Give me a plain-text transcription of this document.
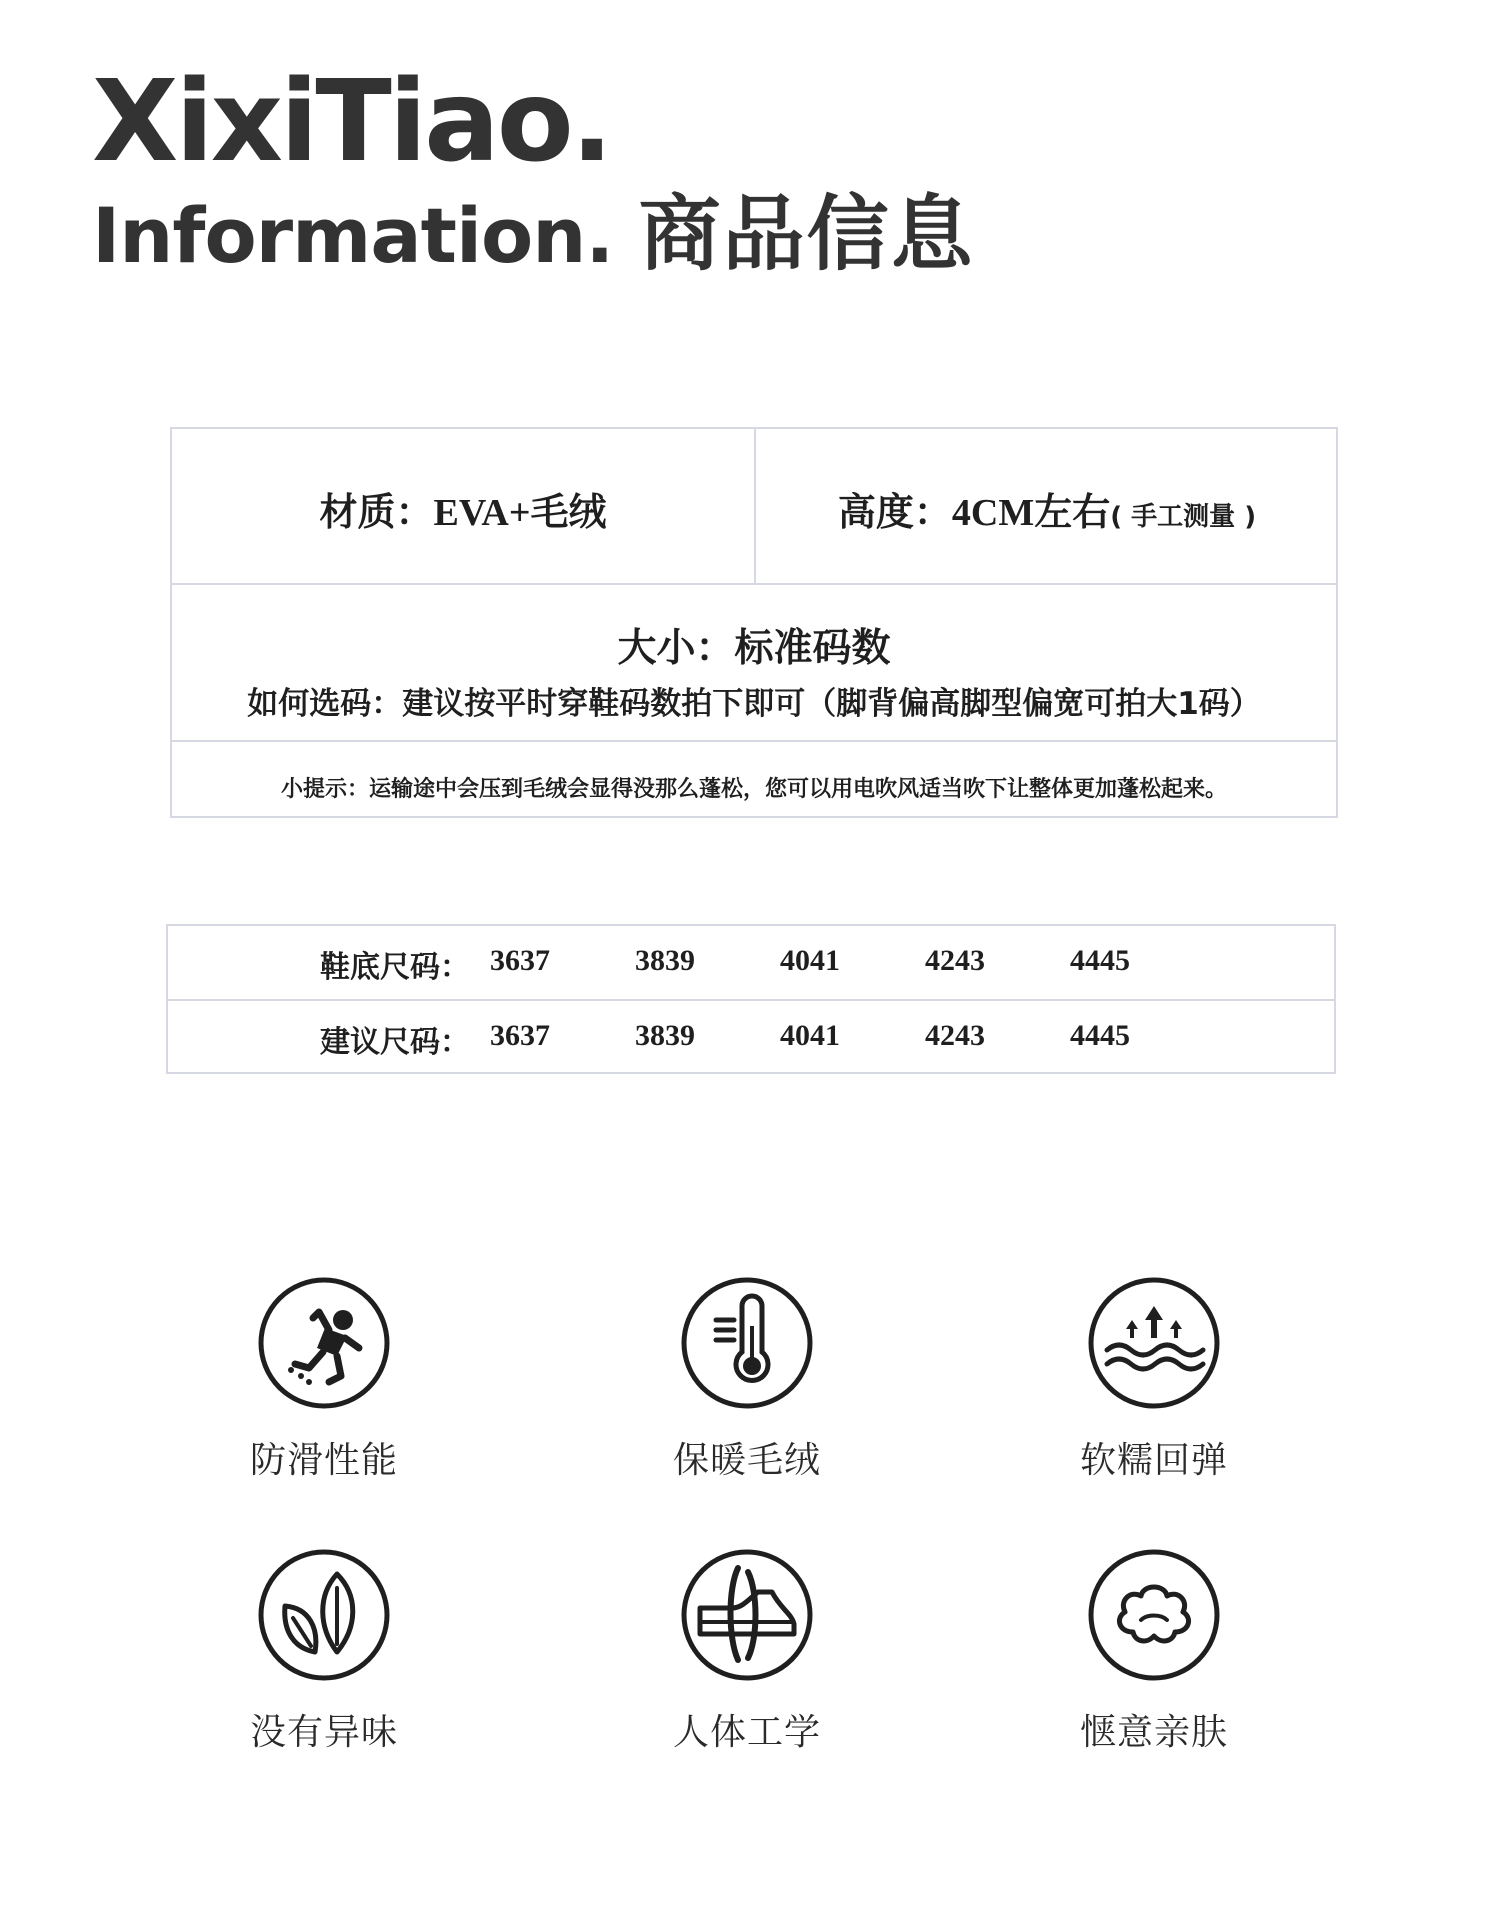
XixiTiao.
Information. 商品信息
材质：EVA+毛绒	高度：4CM左右( 手工测量 )
大小：标准码数
如何选码：建议按平时穿鞋码数拍下即可（脚背偏高脚型偏宽可拍大1码）
小提示：运输途中会压到毛绒会显得没那么蓬松，您可以用电吹风适当吹下让整体更加蓬松起来。
鞋底尺码： 3637	3839	4041	4243	4445
建议尺码： 3637	3839	4041	4243	4445
防滑性能	保暖毛绒	软糯回弹
没有异味	人体工学	惬意亲肤
